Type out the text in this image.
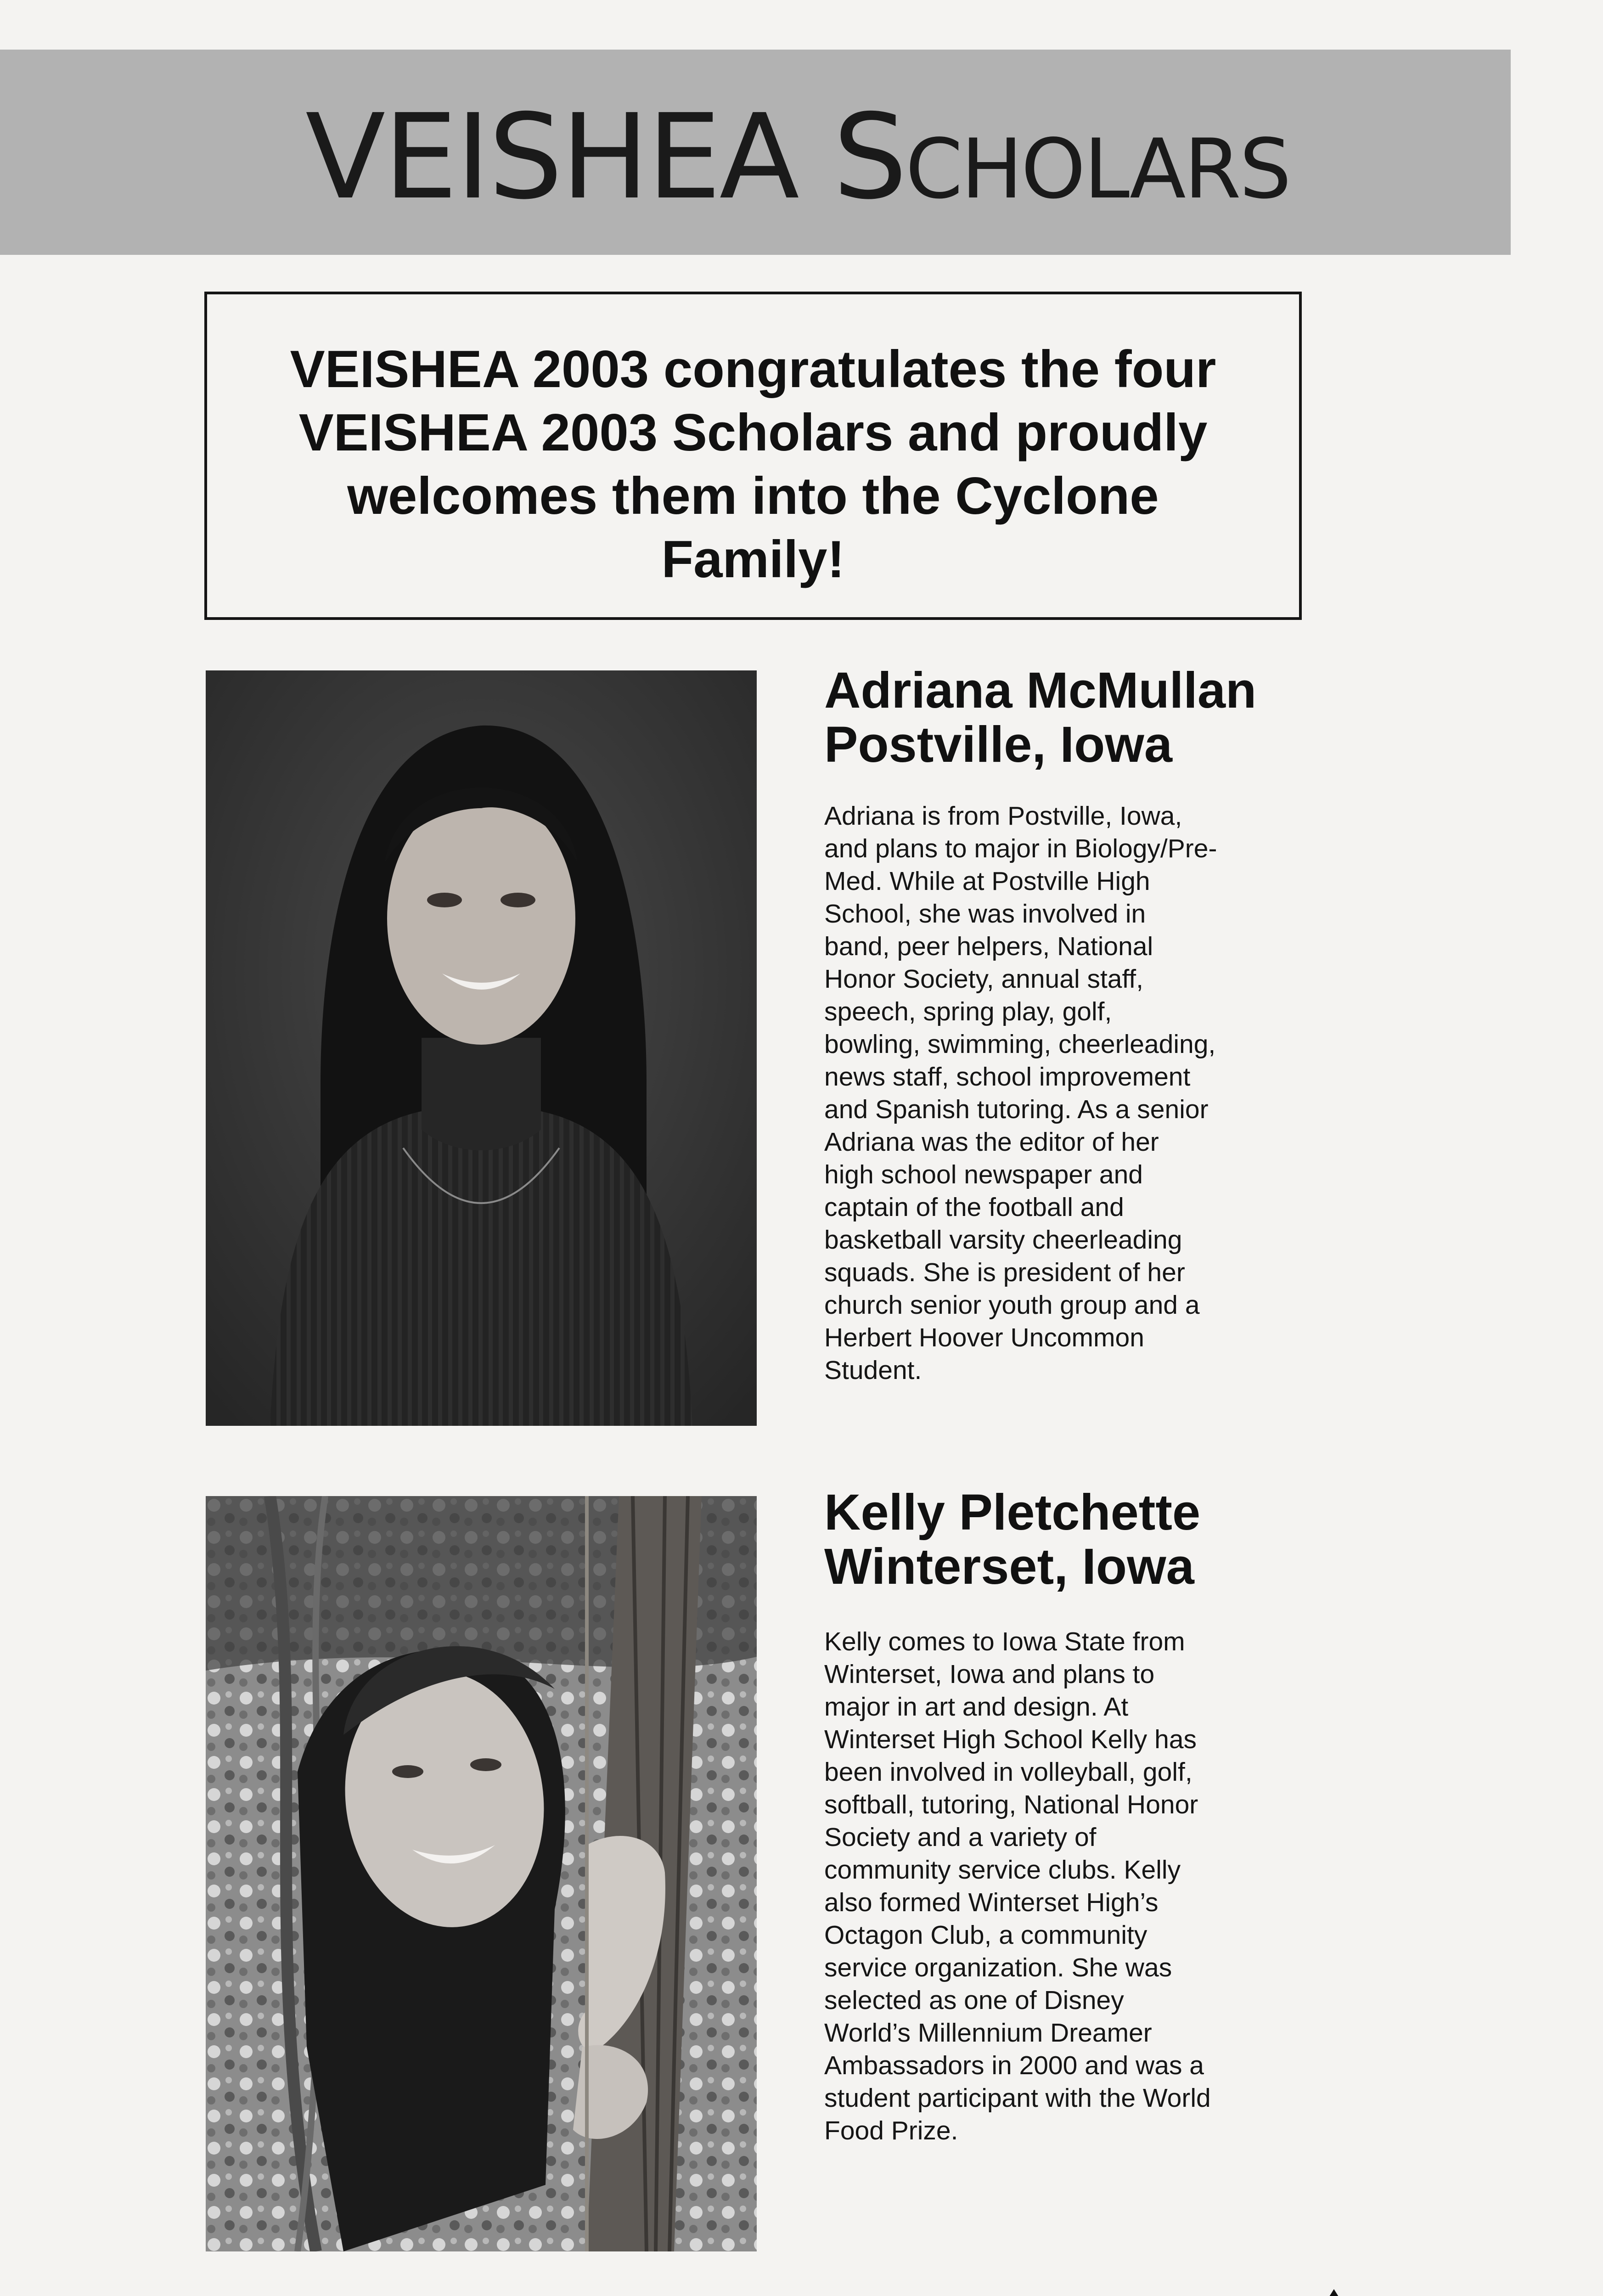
VEISHEA Scholars

VEISHEA 2003 congratulates the four
VEISHEA 2003 Scholars and proudly
welcomes them into the Cyclone
Family!

Adriana McMullan
Postville, Iowa

Adriana is from Postville, Iowa,
and plans to major in Biology/Pre-
Med. While at Postville High
School, she was involved in
band, peer helpers, National
Honor Society, annual staff,
speech, spring play, golf,
bowling, swimming, cheerleading,
news staff, school improvement
and Spanish tutoring. As a senior
Adriana was the editor of her
high school newspaper and
captain of the football and
basketball varsity cheerleading
squads. She is president of her
church senior youth group and a
Herbert Hoover Uncommon
Student.

Kelly Pletchette
Winterset, Iowa

Kelly comes to Iowa State from
Winterset, Iowa and plans to
major in art and design. At
Winterset High School Kelly has
been involved in volleyball, golf,
softball, tutoring, National Honor
Society and a variety of
community service clubs. Kelly
also formed Winterset High’s
Octagon Club, a community
service organization. She was
selected as one of Disney
World’s Millennium Dreamer
Ambassadors in 2000 and was a
student participant with the World
Food Prize.
